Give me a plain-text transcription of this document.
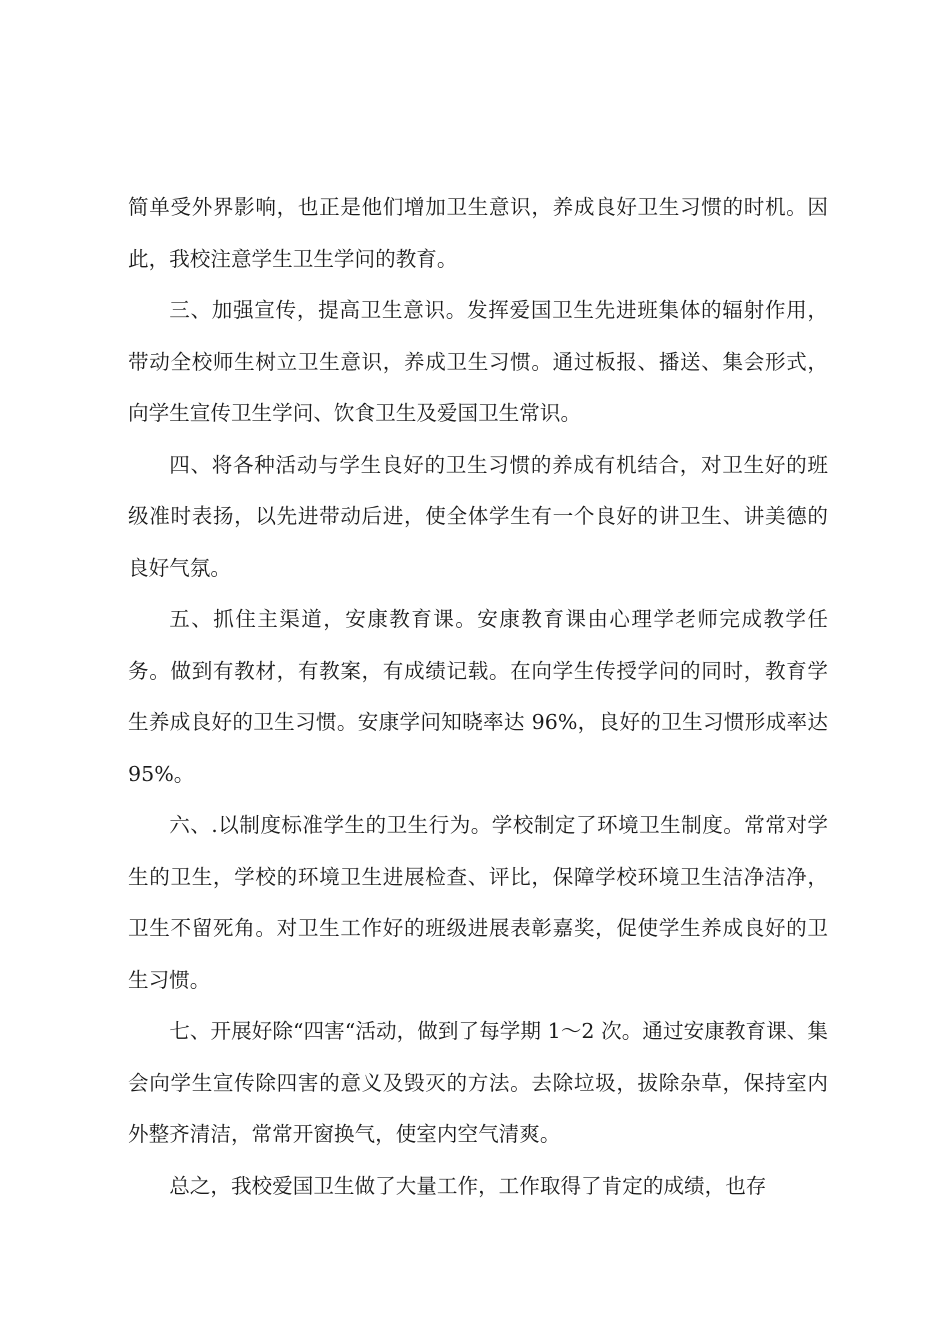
简单受外界影响，也正是他们增加卫生意识，养成良好卫生习惯的时机。因此，我校注意学生卫生学问的教育。

三、加强宣传，提高卫生意识。发挥爱国卫生先进班集体的辐射作用，带动全校师生树立卫生意识，养成卫生习惯。通过板报、播送、集会形式，向学生宣传卫生学问、饮食卫生及爱国卫生常识。

四、将各种活动与学生良好的卫生习惯的养成有机结合，对卫生好的班级准时表扬，以先进带动后进，使全体学生有一个良好的讲卫生、讲美德的良好气氛。

五、抓住主渠道，安康教育课。安康教育课由心理学老师完成教学任务。做到有教材，有教案，有成绩记载。在向学生传授学问的同时，教育学生养成良好的卫生习惯。安康学问知晓率达 96%，良好的卫生习惯形成率达 95%。

六、.以制度标准学生的卫生行为。学校制定了环境卫生制度。常常对学生的卫生，学校的环境卫生进展检查、评比，保障学校环境卫生洁净洁净，卫生不留死角。对卫生工作好的班级进展表彰嘉奖，促使学生养成良好的卫生习惯。

七、开展好除“四害“活动，做到了每学期 1～2 次。通过安康教育课、集会向学生宣传除四害的意义及毁灭的方法。去除垃圾，拔除杂草，保持室内外整齐清洁，常常开窗换气，使室内空气清爽。

总之，我校爱国卫生做了大量工作，工作取得了肯定的成绩，也存
